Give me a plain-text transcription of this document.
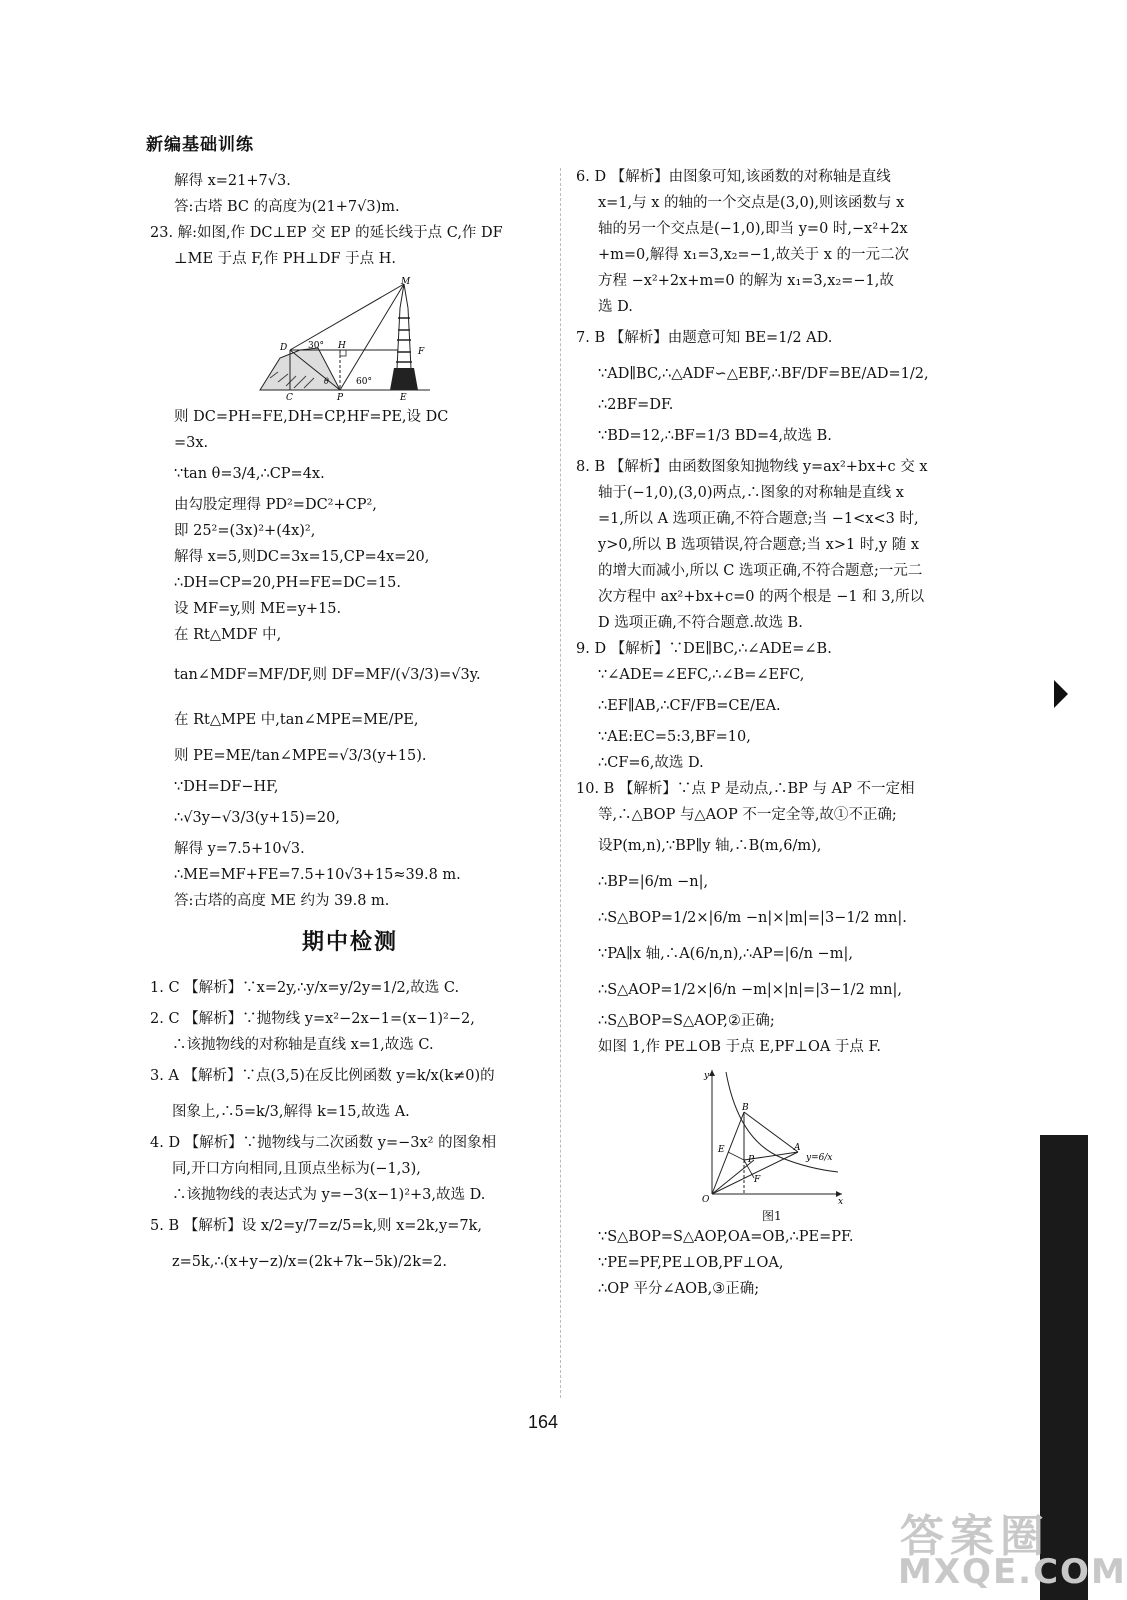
新编基础训练
解得 x=21+7√3.
答:古塔 BC 的高度为(21+7√3)m.
23. 解:如图,作 DC⊥EP 交 EP 的延长线于点 C,作 DF
⊥ME 于点 F,作 PH⊥DF 于点 H.
M
D 30° H
F
θ	60°
C	P	E
则 DC=PH=FE,DH=CP,HF=PE,设 DC
=3x.
∵tan θ=3/4,∴CP=4x.
由勾股定理得 PD²=DC²+CP²,
即 25²=(3x)²+(4x)²,
解得 x=5,则DC=3x=15,CP=4x=20,
∴DH=CP=20,PH=FE=DC=15.
设 MF=y,则 ME=y+15.
在 Rt△MDF 中,
tan∠MDF=MF/DF,则 DF=MF/(√3/3)=√3y.
在 Rt△MPE 中,tan∠MPE=ME/PE,
则 PE=ME/tan∠MPE=√3/3(y+15).
∵DH=DF−HF,
∴√3y−√3/3(y+15)=20,
解得 y=7.5+10√3.
∴ME=MF+FE=7.5+10√3+15≈39.8 m.
答:古塔的高度 ME 约为 39.8 m.
期中检测
1. C 【解析】∵x=2y,∴y/x=y/2y=1/2,故选 C.
2. C 【解析】∵抛物线 y=x²−2x−1=(x−1)²−2,
∴该抛物线的对称轴是直线 x=1,故选 C.
3. A 【解析】∵点(3,5)在反比例函数 y=k/x(k≠0)的
图象上,∴5=k/3,解得 k=15,故选 A.
4. D 【解析】∵抛物线与二次函数 y=−3x² 的图象相
同,开口方向相同,且顶点坐标为(−1,3),
∴该抛物线的表达式为 y=−3(x−1)²+3,故选 D.
5. B 【解析】设 x/2=y/7=z/5=k,则 x=2k,y=7k,
z=5k,∴(x+y−z)/x=(2k+7k−5k)/2k=2.
6. D 【解析】由图象可知,该函数的对称轴是直线
x=1,与 x 的轴的一个交点是(3,0),则该函数与 x
轴的另一个交点是(−1,0),即当 y=0 时,−x²+2x
+m=0,解得 x₁=3,x₂=−1,故关于 x 的一元二次
方程 −x²+2x+m=0 的解为 x₁=3,x₂=−1,故
选 D.
7. B 【解析】由题意可知 BE=1/2 AD.
∵AD∥BC,∴△ADF∽△EBF,∴BF/DF=BE/AD=1/2,
∴2BF=DF.
∵BD=12,∴BF=1/3 BD=4,故选 B.
8. B 【解析】由函数图象知抛物线 y=ax²+bx+c 交 x
轴于(−1,0),(3,0)两点,∴图象的对称轴是直线 x
=1,所以 A 选项正确,不符合题意;当 −1<x<3 时,
y>0,所以 B 选项错误,符合题意;当 x>1 时,y 随 x
的增大而减小,所以 C 选项正确,不符合题意;一元二
次方程中 ax²+bx+c=0 的两个根是 −1 和 3,所以
D 选项正确,不符合题意.故选 B.
9. D 【解析】∵DE∥BC,∴∠ADE=∠B.
∵∠ADE=∠EFC,∴∠B=∠EFC,
∴EF∥AB,∴CF/FB=CE/EA.
∵AE:EC=5:3,BF=10,
∴CF=6,故选 D.
10. B 【解析】∵点 P 是动点,∴BP 与 AP 不一定相
等,∴△BOP 与△AOP 不一定全等,故①不正确;
设P(m,n),∵BP∥y 轴,∴B(m,6/m),
∴BP=|6/m −n|,
∴S△BOP=1/2×|6/m −n|×|m|=|3−1/2 mn|.
∵PA∥x 轴,∴A(6/n,n),∴AP=|6/n −m|,
∴S△AOP=1/2×|6/n −m|×|n|=|3−1/2 mn|,
∴S△BOP=S△AOP,②正确;
如图 1,作 PE⊥OB 于点 E,PF⊥OA 于点 F.
y
B
E
P
A
F
O	x
y=6/x
图1
∵S△BOP=S△AOP,OA=OB,∴PE=PF.
∵PE=PF,PE⊥OB,PF⊥OA,
∴OP 平分∠AOB,③正确;
164
答案圈
MXQE.COM
